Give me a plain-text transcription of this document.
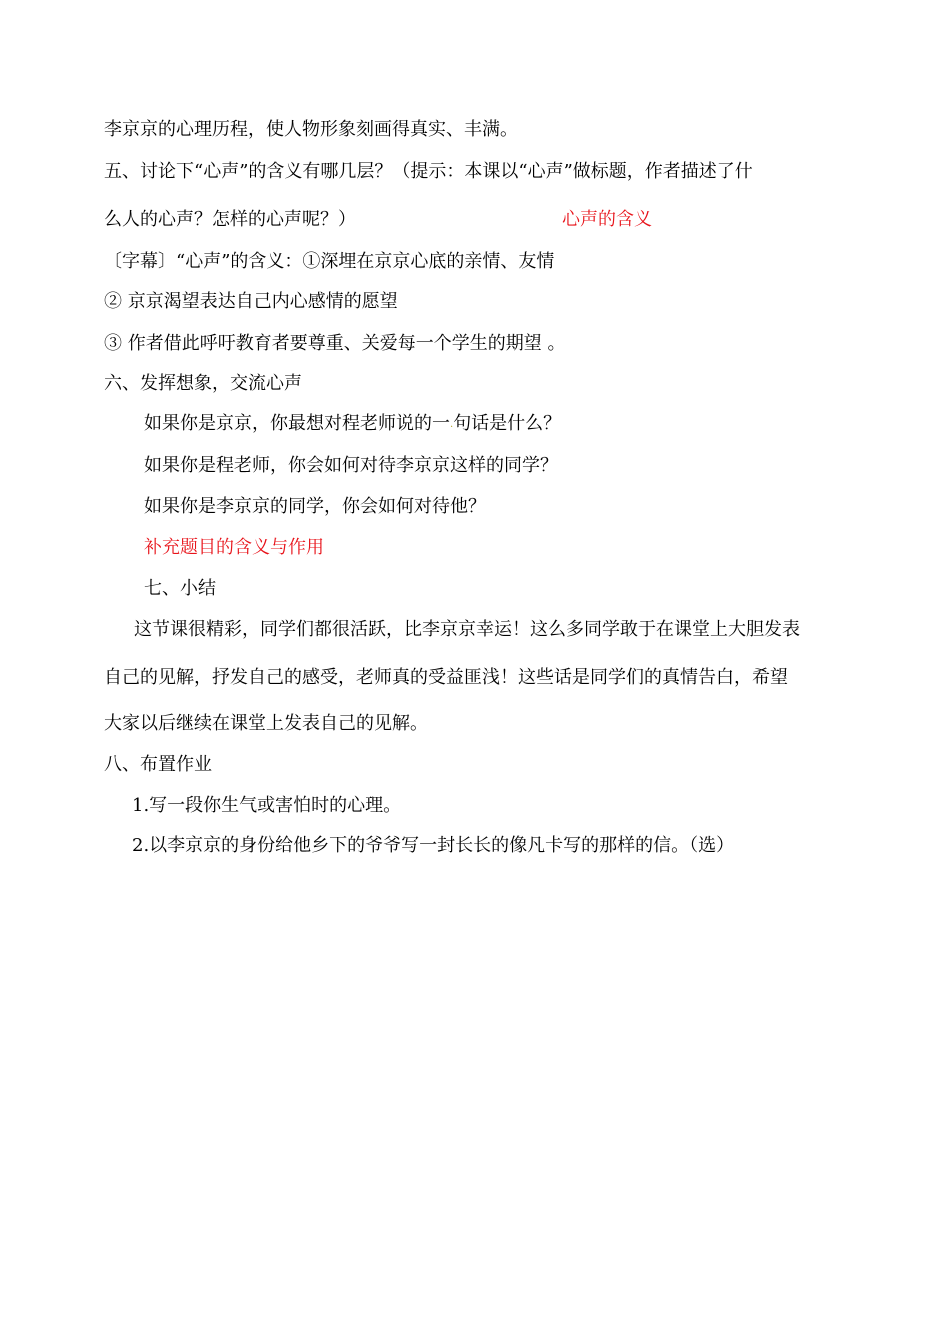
李京京的心理历程，使人物形象刻画得真实、丰满。
五、讨论下“心声”的含义有哪几层？（提示：本课以“心声”做标题，作者描述了什
么人的心声？怎样的心声呢？）	心声的含义
〔字幕〕“心声”的含义：①深埋在京京心底的亲情、友情
② 京京渴望表达自己内心感情的愿望
③ 作者借此呼吁教育者要尊重、关爱每一个学生的期望 。
六、发挥想象，交流心声
如果你是京京，你最想对程老师说的一.句话是什么？
如果你是程老师，你会如何对待李京京这样的同学？
如果你是李京京的同学，你会如何对待他？
补充题目的含义与作用
七、小结
这节课很精彩，同学们都很活跃，比李京京幸运！这么多同学敢于在课堂上大胆发表
自己的见解，抒发自己的感受，老师真的受益匪浅！这些话是同学们的真情告白，希望
大家以后继续在课堂上发表自己的见解。
八、布置作业
1.写一段你生气或害怕时的心理。
2.以李京京的身份给他乡下的爷爷写一封长长的像凡卡写的那样的信。（选）
